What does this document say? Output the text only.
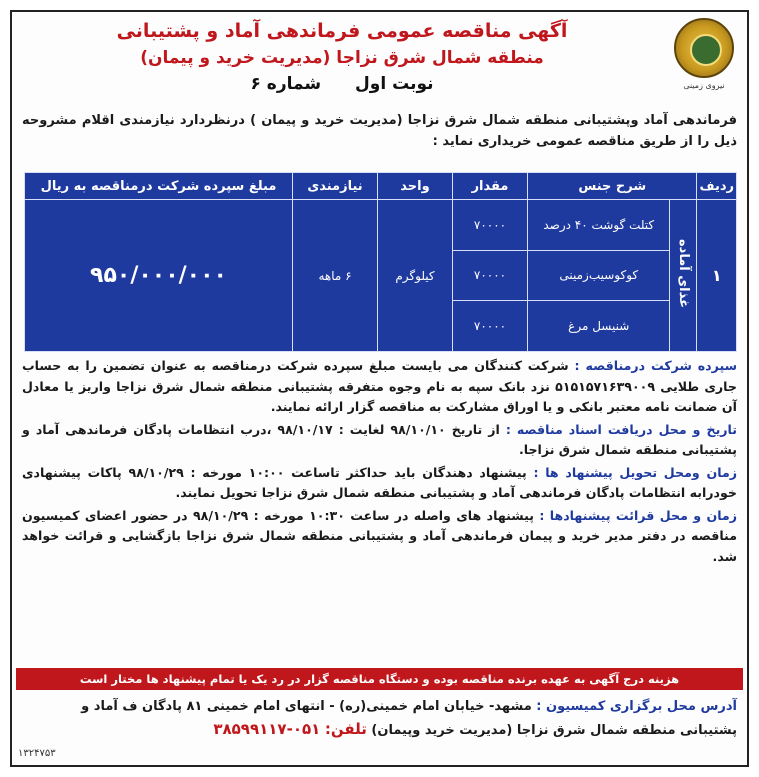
نیروی زمینی
آگهی مناقصه عمومی فرماندهی آماد و پشتیبانی
منطقه شمال شرق نزاجا (مدیریت خرید و پیمان)
نوبت اول شماره ۶
فرماندهی آماد وپشتیبانی منطقه شمال شرق نزاجا (مدیریت خرید و پیمان ) درنظردارد نیازمندی اقلام مشروحه ذیل را از طریق مناقصه عمومی خریداری نماید :
ردیف	شرح جنس		مقدار	واحد	نیازمندی	مبلغ سپرده شرکت درمناقصه به ریال
۱	غذای آماده	کتلت گوشت ۴۰ درصد	۷۰۰۰۰	کیلوگرم	۶ ماهه	۹۵۰/۰۰۰/۰۰۰
		کوکوسیب‌زمینی	۷۰۰۰۰			
		شنیسل مرغ	۷۰۰۰۰			

سپرده شرکت درمناقصه : شرکت کنندگان می بایست مبلغ سپرده شرکت درمناقصه به عنوان تضمین را به حساب جاری طلایی ۵۱۵۱۵۷۱۶۳۹۰۰۹ نزد بانک سپه به نام وجوه متفرقه پشتیبانی منطقه شمال شرق نزاجا واریز یا معادل آن ضمانت نامه معتبر بانکی و یا اوراق مشارکت به مناقصه گزار ارائه نمایند.

تاریخ و محل دریافت اسناد مناقصه : از تاریخ ۹۸/۱۰/۱۰ لغایت : ۹۸/۱۰/۱۷ ،درب انتظامات پادگان فرماندهی آماد و پشتیبانی منطقه شمال شرق نزاجا.

زمان ومحل تحویل پیشنهاد ها : پیشنهاد دهندگان باید حداکثر تاساعت ۱۰:۰۰ مورخه : ۹۸/۱۰/۲۹ پاکات پیشنهادی خودرابه انتظامات پادگان فرماندهی آماد و پشتیبانی منطقه شمال شرق نزاجا تحویل نمایند.

زمان و محل قرائت پیشنهادها : پیشنهاد های واصله در ساعت ۱۰:۳۰ مورخه : ۹۸/۱۰/۲۹ در حضور اعضای کمیسیون مناقصه در دفتر مدیر خرید و پیمان فرماندهی آماد و پشتیبانی منطقه شمال شرق نزاجا بازگشایی و قرائت خواهد شد.

هزینه درج آگهی به عهده برنده مناقصه بوده و دستگاه مناقصه گزار در رد یک یا تمام پیشنهاد ها مختار است
آدرس محل برگزاری کمیسیون : مشهد- خیابان امام خمینی(ره) - انتهای امام خمینی ۸۱ پادگان ف آماد و پشتیبانی منطقه شمال شرق نزاجا (مدیریت خرید وپیمان) تلفن: ۰۵۱-۳۸۵۹۹۱۱۷
۱۳۲۴۷۵۳
